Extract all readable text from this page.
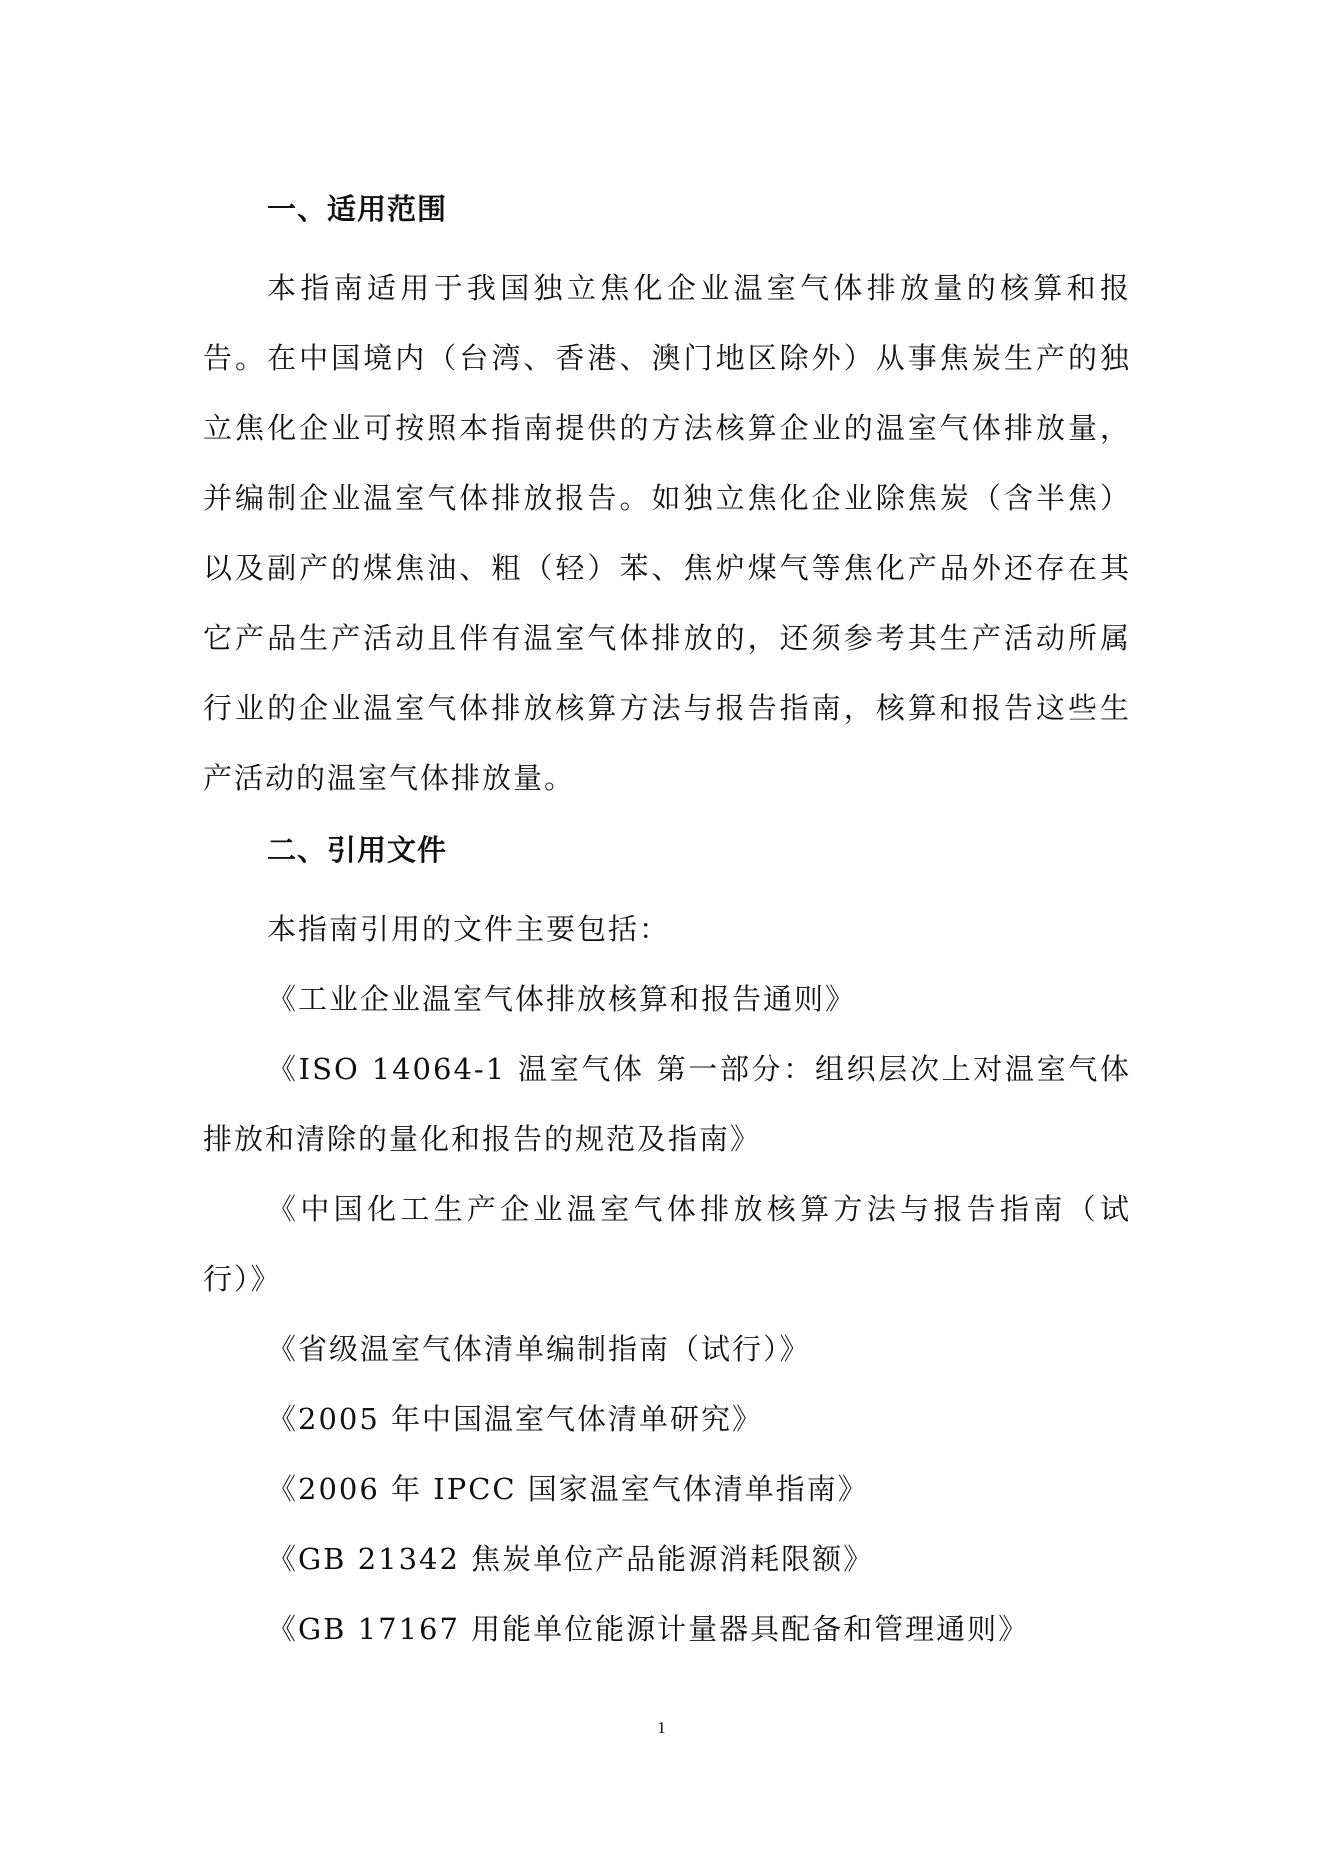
一、适用范围

本指南适用于我国独立焦化企业温室气体排放量的核算和报告。在中国境内（台湾、香港、澳门地区除外）从事焦炭生产的独立焦化企业可按照本指南提供的方法核算企业的温室气体排放量，并编制企业温室气体排放报告。如独立焦化企业除焦炭（含半焦）以及副产的煤焦油、粗（轻）苯、焦炉煤气等焦化产品外还存在其它产品生产活动且伴有温室气体排放的，还须参考其生产活动所属行业的企业温室气体排放核算方法与报告指南，核算和报告这些生产活动的温室气体排放量。

二、引用文件

本指南引用的文件主要包括：

《工业企业温室气体排放核算和报告通则》

《ISO 14064-1 温室气体 第一部分：组织层次上对温室气体排放和清除的量化和报告的规范及指南》

《中国化工生产企业温室气体排放核算方法与报告指南（试行）》

《省级温室气体清单编制指南（试行）》

《2005 年中国温室气体清单研究》

《2006 年 IPCC 国家温室气体清单指南》

《GB 21342 焦炭单位产品能源消耗限额》

《GB 17167 用能单位能源计量器具配备和管理通则》

1
